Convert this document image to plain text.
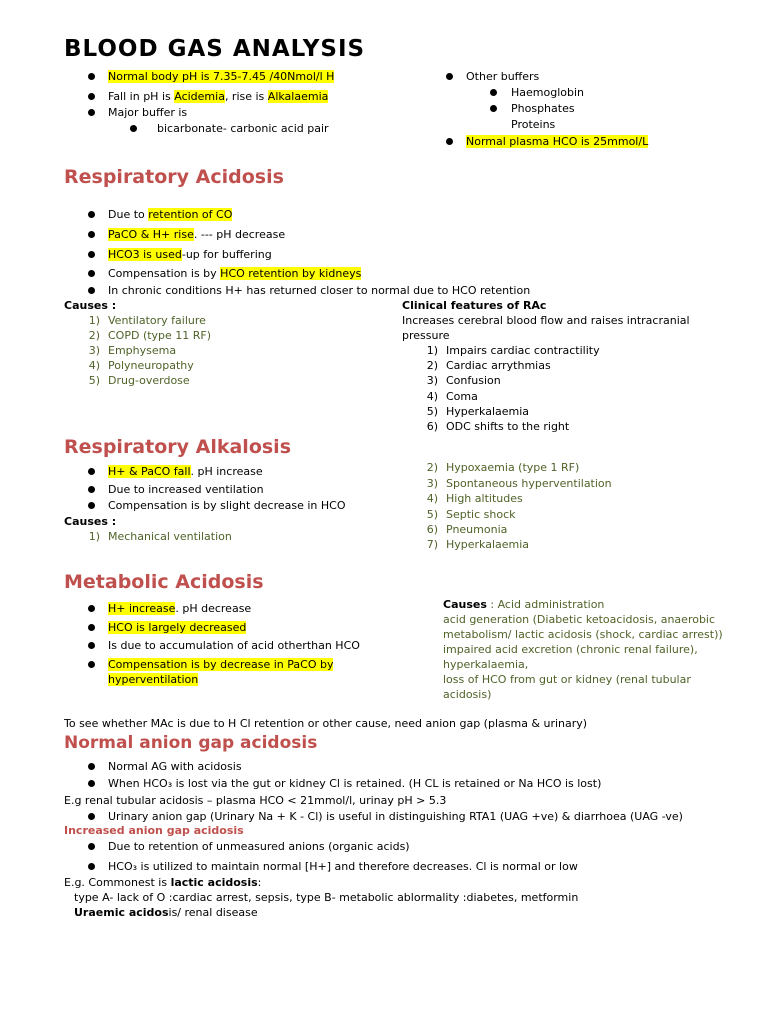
BLOOD GAS ANALYSIS
Normal body pH is 7.35-7.45 /40Nmol/l H
Fall in pH is Acidemia, rise is Alkalaemia
Major buffer is
bicarbonate- carbonic acid pair
Other buffers
Haemoglobin
Phosphates
Proteins
Normal plasma HCO is 25mmol/L
Respiratory Acidosis
Due to retention of CO
PaCO & H+ rise. --- pH decrease
HCO3 is used-up for buffering
Compensation is by HCO retention by kidneys
In chronic conditions H+ has returned closer to normal due to HCO retention
Causes :
1) Ventilatory failure
2) COPD (type 11 RF)
3) Emphysema
4) Polyneuropathy
5) Drug-overdose
Clinical features of RAc
Increases cerebral blood flow and raises intracranial
pressure
1) Impairs cardiac contractility
2) Cardiac arrythmias
3) Confusion
4) Coma
5) Hyperkalaemia
6) ODC shifts to the right
Respiratory Alkalosis
H+ & PaCO fall. pH increase
Due to increased ventilation
Compensation is by slight decrease in HCO
Causes :
1) Mechanical ventilation
2) Hypoxaemia (type 1 RF)
3) Spontaneous hyperventilation
4) High altitudes
5) Septic shock
6) Pneumonia
7) Hyperkalaemia
Metabolic Acidosis
H+ increase. pH decrease
HCO is largely decreased
Is due to accumulation of acid otherthan HCO
Compensation is by decrease in PaCO by
hyperventilation
Causes : Acid administration
acid generation (Diabetic ketoacidosis, anaerobic
metabolism/ lactic acidosis (shock, cardiac arrest))
impaired acid excretion (chronic renal failure),
hyperkalaemia,
loss of HCO from gut or kidney (renal tubular
acidosis)
To see whether MAc is due to H Cl retention or other cause, need anion gap (plasma & urinary)
Normal anion gap acidosis
Normal AG with acidosis
When HCO₃ is lost via the gut or kidney Cl is retained. (H CL is retained or Na HCO is lost)
E.g renal tubular acidosis – plasma HCO < 21mmol/l, urinay pH > 5.3
Urinary anion gap (Urinary Na + K - Cl) is useful in distinguishing RTA1 (UAG +ve) & diarrhoea (UAG -ve)
Increased anion gap acidosis
Due to retention of unmeasured anions (organic acids)
HCO₃ is utilized to maintain normal [H+] and therefore decreases. Cl is normal or low
E.g. Commonest is lactic acidosis:
type A- lack of O :cardiac arrest, sepsis, type B- metabolic ablormality :diabetes, metformin
Uraemic acidosis/ renal disease
